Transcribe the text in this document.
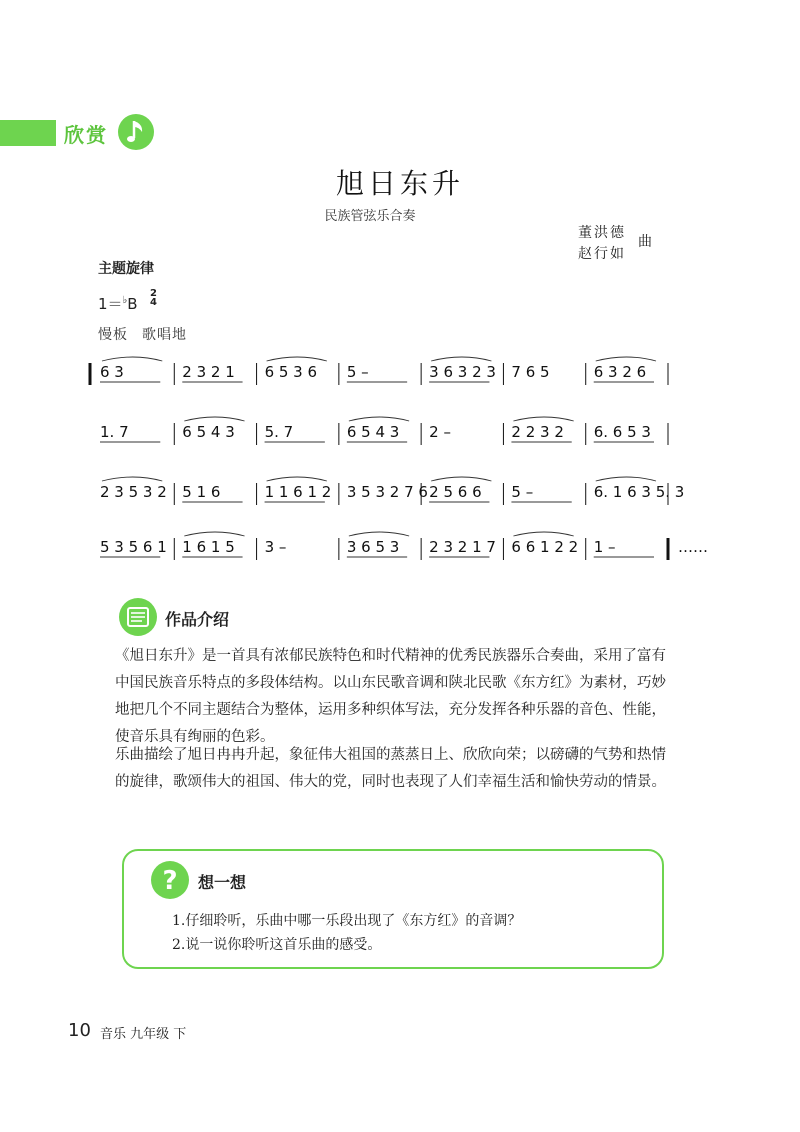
欣赏
旭日东升
民族管弦乐合奏
董洪德
赵行如
曲
主题旋律
1＝♭B
2
4
慢板 歌唱地
6 3	2 3 2 1 6 5 3 6 5 –	3 6 3 2 3 7 6 5	6 3 2 6
1. 7	6 5 4 3 5. 7	6 5 4 3 2 –	2 2 3 2 6. 6 5 3
2 3 5 3 2 5 1 6	1 1 6 1 2 3 5 3 2 7 6 2 5 6 6 5 –	6. 1 6 3 5. 3
5 3 5 6 1 1 6 1 5 3 –	3 6 5 3 2 3 2 1 7 6 6 1 2 2 1 –	……
作品介绍

《旭日东升》是一首具有浓郁民族特色和时代精神的优秀民族器乐合奏曲，采用了富有中国民族音乐特点的多段体结构。以山东民歌音调和陕北民歌《东方红》为素材，巧妙地把几个不同主题结合为整体，运用多种织体写法，充分发挥各种乐器的音色、性能，使音乐具有绚丽的色彩。

乐曲描绘了旭日冉冉升起，象征伟大祖国的蒸蒸日上、欣欣向荣；以磅礴的气势和热情的旋律，歌颂伟大的祖国、伟大的党，同时也表现了人们幸福生活和愉快劳动的情景。

? 想一想
1.仔细聆听，乐曲中哪一乐段出现了《东方红》的音调？
2.说一说你聆听这首乐曲的感受。
10 音乐 九年级 下
